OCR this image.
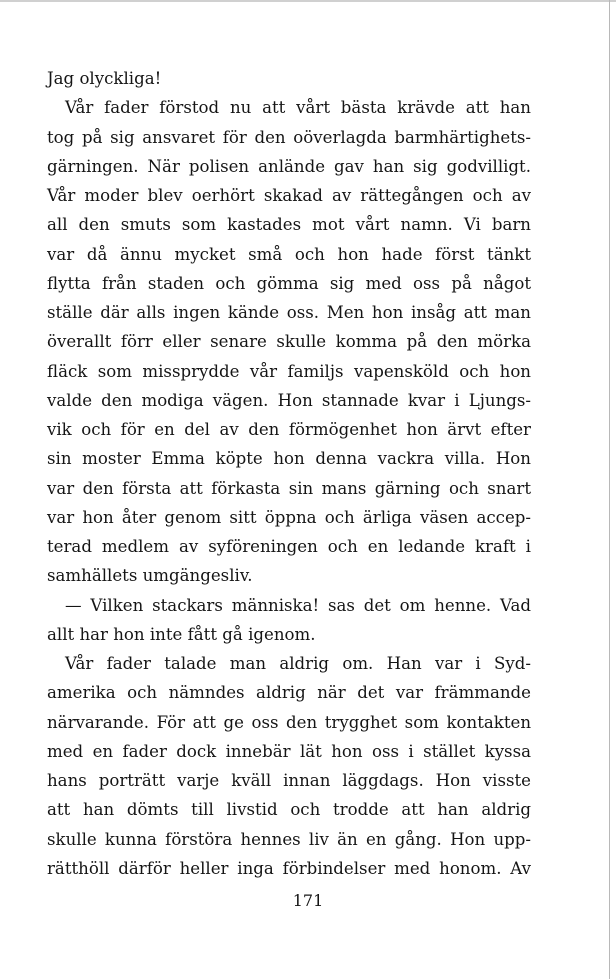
Jag olyckliga!
Vår fader förstod nu att vårt bästa krävde att han
tog på sig ansvaret för den oöverlagda barmhärtighets-
gärningen. När polisen anlände gav han sig godvilligt.
Vår moder blev oerhört skakad av rättegången och av
all den smuts som kastades mot vårt namn. Vi barn
var då ännu mycket små och hon hade först tänkt
flytta från staden och gömma sig med oss på något
ställe där alls ingen kände oss. Men hon insåg att man
överallt förr eller senare skulle komma på den mörka
fläck som missprydde vår familjs vapensköld och hon
valde den modiga vägen. Hon stannade kvar i Ljungs-
vik och för en del av den förmögenhet hon ärvt efter
sin moster Emma köpte hon denna vackra villa. Hon
var den första att förkasta sin mans gärning och snart
var hon åter genom sitt öppna och ärliga väsen accep-
terad medlem av syföreningen och en ledande kraft i
samhällets umgängesliv.
— Vilken stackars människa! sas det om henne. Vad
allt har hon inte fått gå igenom.
Vår fader talade man aldrig om. Han var i Syd-
amerika och nämndes aldrig när det var främmande
närvarande. För att ge oss den trygghet som kontakten
med en fader dock innebär lät hon oss i stället kyssa
hans porträtt varje kväll innan läggdags. Hon visste
att han dömts till livstid och trodde att han aldrig
skulle kunna förstöra hennes liv än en gång. Hon upp-
rätthöll därför heller inga förbindelser med honom. Av
171
